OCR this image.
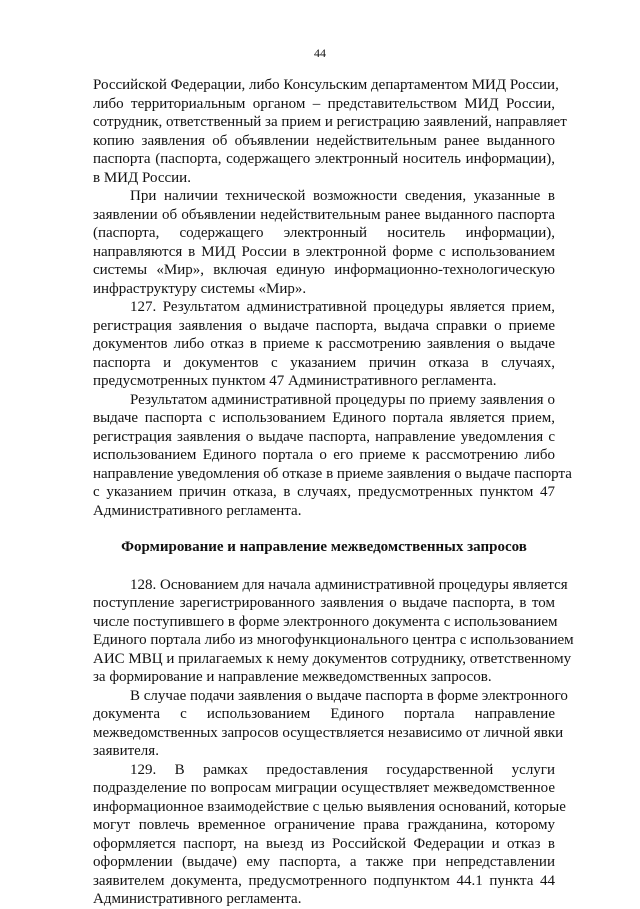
44
Российской Федерации, либо Консульским департаментом МИД России,
либо территориальным органом – представительством МИД России,
сотрудник, ответственный за прием и регистрацию заявлений, направляет
копию заявления об объявлении недействительным ранее выданного
паспорта (паспорта, содержащего электронный носитель информации),
в МИД России.
При наличии технической возможности сведения, указанные в
заявлении об объявлении недействительным ранее выданного паспорта
(паспорта, содержащего электронный носитель информации),
направляются в МИД России в электронной форме с использованием
системы «Мир», включая единую информационно-технологическую
инфраструктуру системы «Мир».
127. Результатом административной процедуры является прием,
регистрация заявления о выдаче паспорта, выдача справки о приеме
документов либо отказ в приеме к рассмотрению заявления о выдаче
паспорта и документов с указанием причин отказа в случаях,
предусмотренных пунктом 47 Административного регламента.
Результатом административной процедуры по приему заявления о
выдаче паспорта с использованием Единого портала является прием,
регистрация заявления о выдаче паспорта, направление уведомления с
использованием Единого портала о его приеме к рассмотрению либо
направление уведомления об отказе в приеме заявления о выдаче паспорта
с указанием причин отказа, в случаях, предусмотренных пунктом 47
Административного регламента.
Формирование и направление межведомственных запросов
128. Основанием для начала административной процедуры является
поступление зарегистрированного заявления о выдаче паспорта, в том
числе поступившего в форме электронного документа с использованием
Единого портала либо из многофункционального центра с использованием
АИС МВЦ и прилагаемых к нему документов сотруднику, ответственному
за формирование и направление межведомственных запросов.
В случае подачи заявления о выдаче паспорта в форме электронного
документа с использованием Единого портала направление
межведомственных запросов осуществляется независимо от личной явки
заявителя.
129. В рамках предоставления государственной услуги
подразделение по вопросам миграции осуществляет межведомственное
информационное взаимодействие с целью выявления оснований, которые
могут повлечь временное ограничение права гражданина, которому
оформляется паспорт, на выезд из Российской Федерации и отказ в
оформлении (выдаче) ему паспорта, а также при непредставлении
заявителем документа, предусмотренного подпунктом 44.1 пункта 44
Административного регламента.
